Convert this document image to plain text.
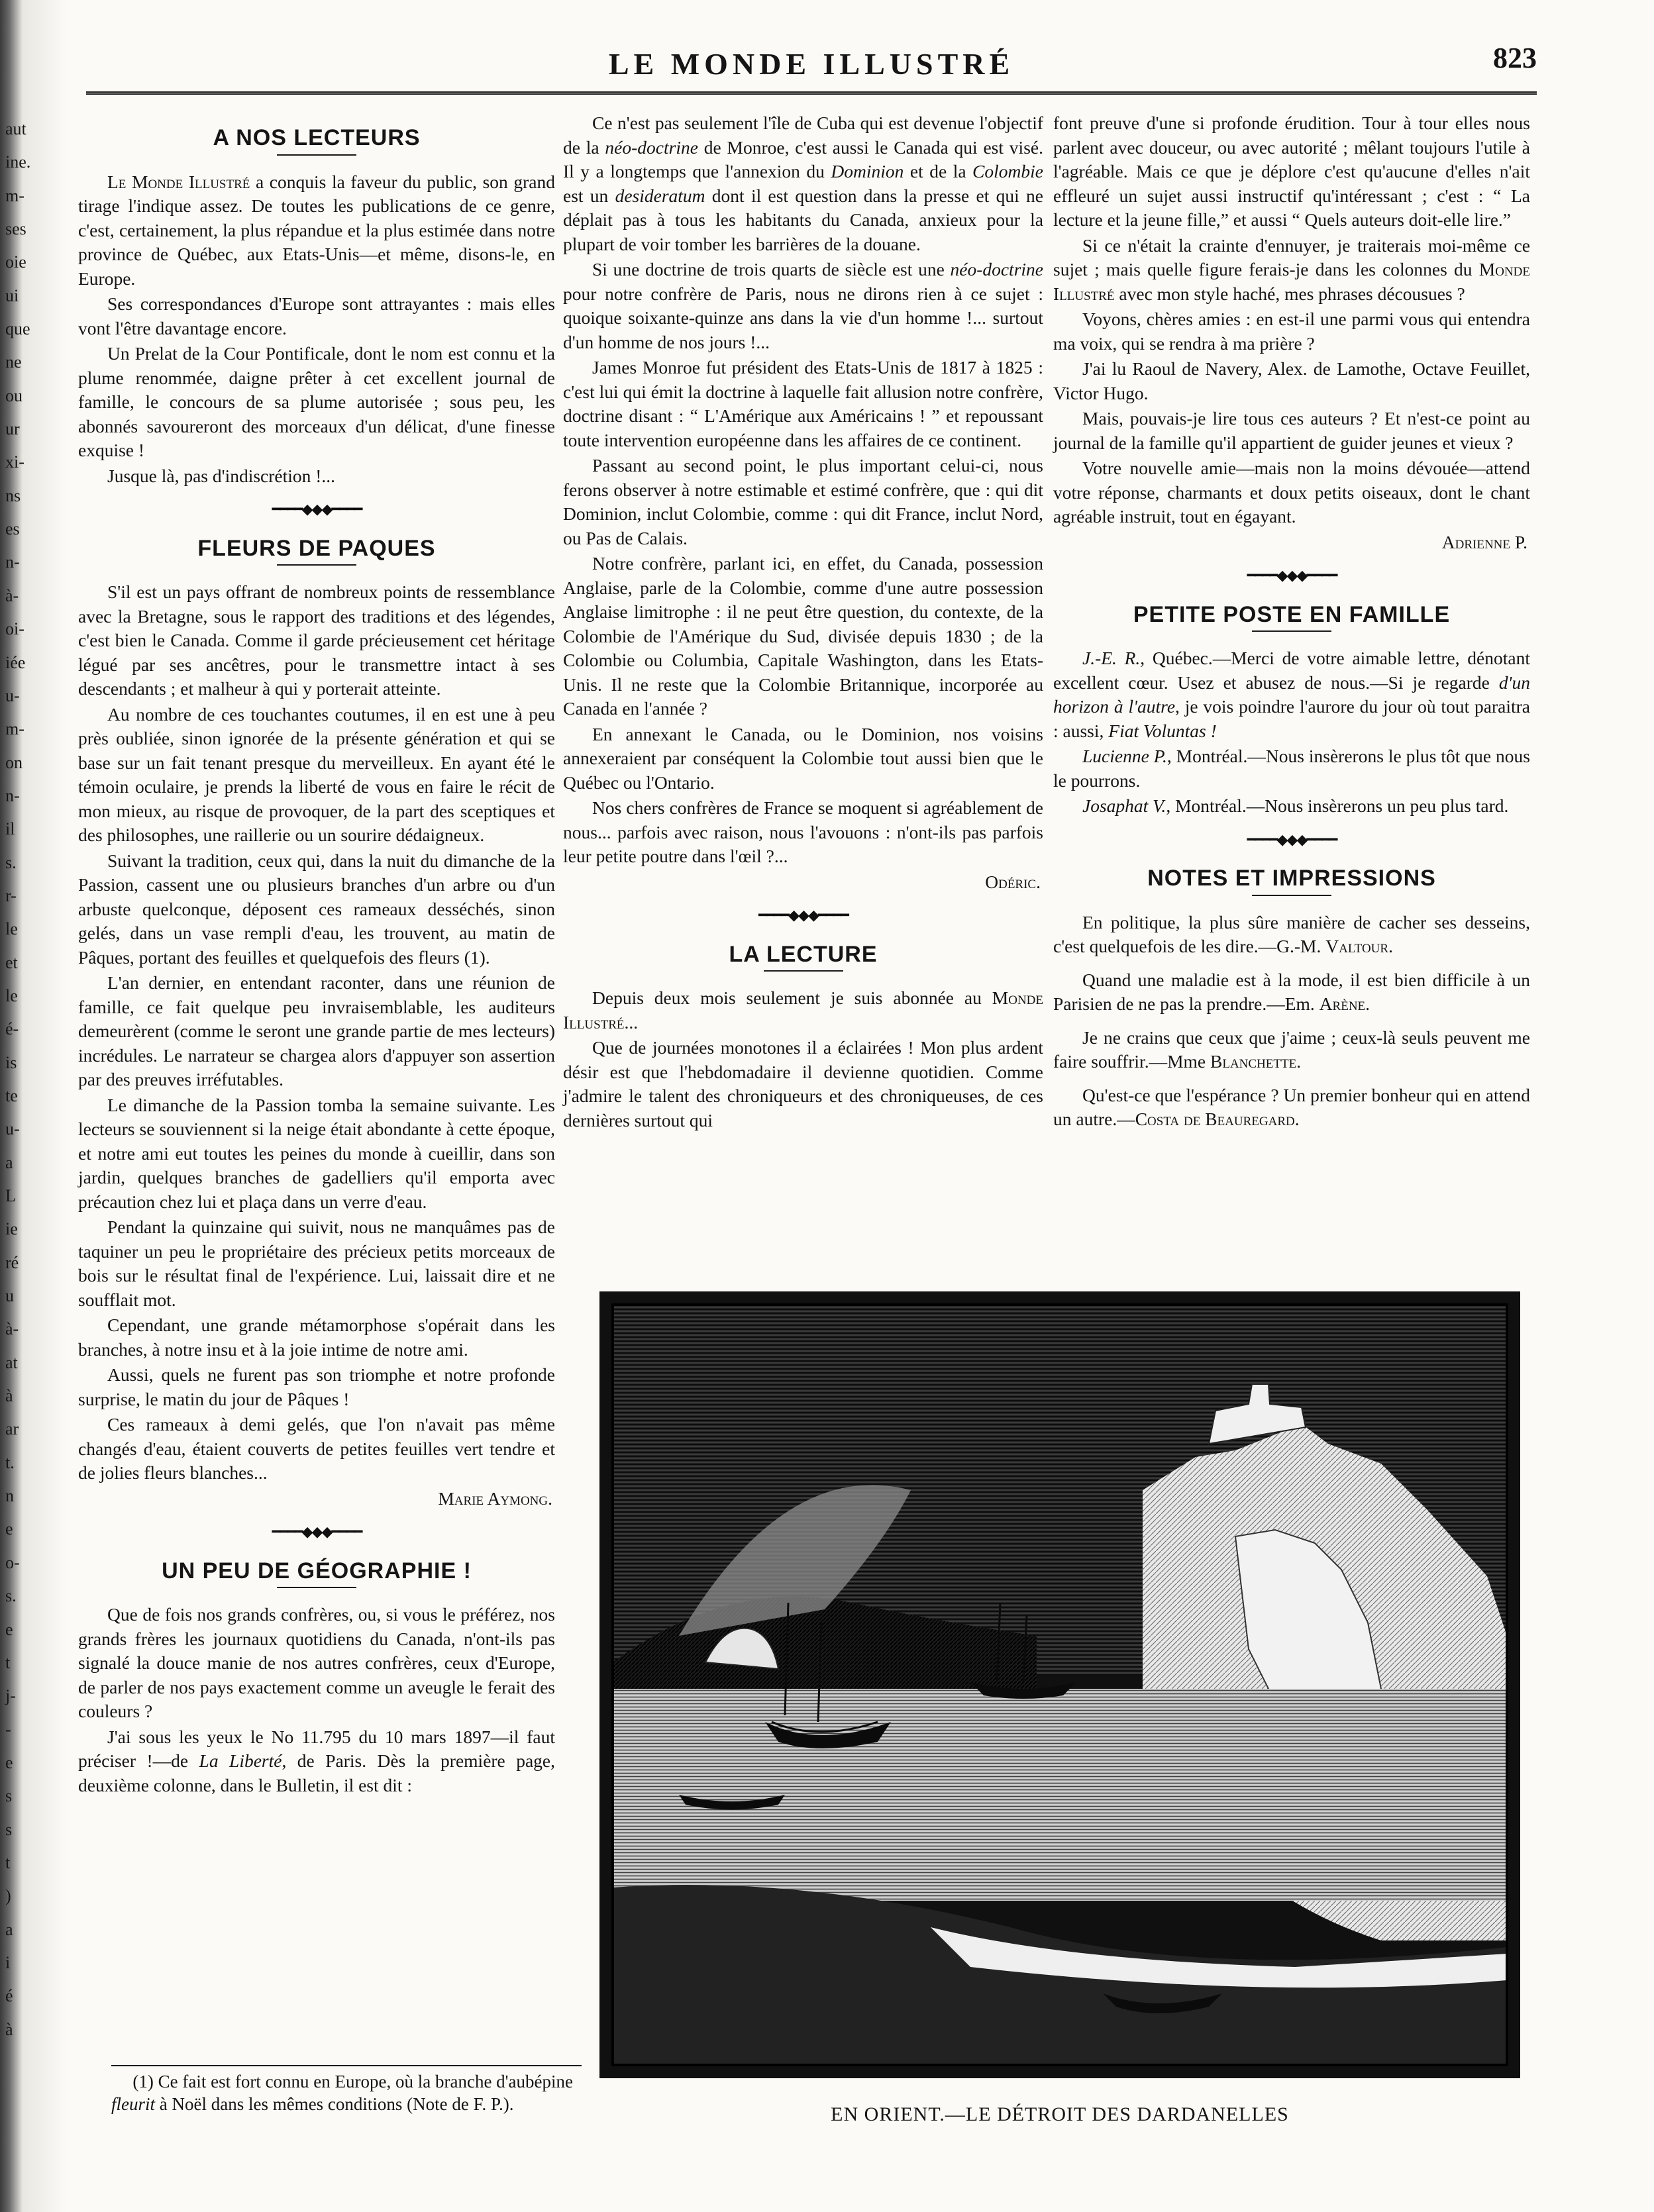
aut
ine.
m-
ses
oie
ui
que
ne
ou
ur
xi-
ns
es
n-
à-
oi-
iée
u-
m-
on
n-
il
s.
r-
le
et
le
é-
is
te
u-
a
L
ie
ré
u
à-
at
à
ar
t.
n
e
o-
s.
e
t
j-
-
e
s
s
t
)
a
i
é
à
LE MONDE ILLUSTRÉ	823
A NOS LECTEURS

Le Monde Illustré a conquis la faveur du public, son grand tirage l'indique assez. De toutes les publications de ce genre, c'est, certainement, la plus répandue et la plus estimée dans notre province de Québec, aux Etats-Unis—et même, disons-le, en Europe.

Ses correspondances d'Europe sont attrayantes : mais elles vont l'être davantage encore.

Un Prelat de la Cour Pontificale, dont le nom est connu et la plume renommée, daigne prêter à cet excellent journal de famille, le concours de sa plume autorisée ; sous peu, les abonnés savoureront des morceaux d'un délicat, d'une finesse exquise !

Jusque là, pas d'indiscrétion !...

━━━━◆◆◆━━━━
FLEURS DE PAQUES

S'il est un pays offrant de nombreux points de ressemblance avec la Bretagne, sous le rapport des traditions et des légendes, c'est bien le Canada. Comme il garde précieusement cet héritage légué par ses ancêtres, pour le transmettre intact à ses descendants ; et malheur à qui y porterait atteinte.

Au nombre de ces touchantes coutumes, il en est une à peu près oubliée, sinon ignorée de la présente génération et qui se base sur un fait tenant presque du merveilleux. En ayant été le témoin oculaire, je prends la liberté de vous en faire le récit de mon mieux, au risque de provoquer, de la part des sceptiques et des philosophes, une raillerie ou un sourire dédaigneux.

Suivant la tradition, ceux qui, dans la nuit du dimanche de la Passion, cassent une ou plusieurs branches d'un arbre ou d'un arbuste quelconque, déposent ces rameaux desséchés, sinon gelés, dans un vase rempli d'eau, les trouvent, au matin de Pâques, portant des feuilles et quelquefois des fleurs (1).

L'an dernier, en entendant raconter, dans une réunion de famille, ce fait quelque peu invraisemblable, les auditeurs demeurèrent (comme le seront une grande partie de mes lecteurs) incrédules. Le narrateur se chargea alors d'appuyer son assertion par des preuves irréfutables.

Le dimanche de la Passion tomba la semaine suivante. Les lecteurs se souviennent si la neige était abondante à cette époque, et notre ami eut toutes les peines du monde à cueillir, dans son jardin, quelques branches de gadelliers qu'il emporta avec précaution chez lui et plaça dans un verre d'eau.

Pendant la quinzaine qui suivit, nous ne manquâmes pas de taquiner un peu le propriétaire des précieux petits morceaux de bois sur le résultat final de l'expérience. Lui, laissait dire et ne soufflait mot.

Cependant, une grande métamorphose s'opérait dans les branches, à notre insu et à la joie intime de notre ami.

Aussi, quels ne furent pas son triomphe et notre profonde surprise, le matin du jour de Pâques !

Ces rameaux à demi gelés, que l'on n'avait pas même changés d'eau, étaient couverts de petites feuilles vert tendre et de jolies fleurs blanches...

Marie Aymong.
━━━━◆◆◆━━━━
UN PEU DE GÉOGRAPHIE !

Que de fois nos grands confrères, ou, si vous le préférez, nos grands frères les journaux quotidiens du Canada, n'ont-ils pas signalé la douce manie de nos autres confrères, ceux d'Europe, de parler de nos pays exactement comme un aveugle le ferait des couleurs ?

J'ai sous les yeux le No 11.795 du 10 mars 1897—il faut préciser !—de La Liberté, de Paris. Dès la première page, deuxième colonne, dans le Bulletin, il est dit :

(1) Ce fait est fort connu en Europe, où la branche d'aubépine fleurit à Noël dans les mêmes conditions (Note de F. P.).

Ce n'est pas seulement l'île de Cuba qui est devenue l'objectif de la néo-doctrine de Monroe, c'est aussi le Canada qui est visé. Il y a longtemps que l'annexion du Dominion et de la Colombie est un desideratum dont il est question dans la presse et qui ne déplait pas à tous les habitants du Canada, anxieux pour la plupart de voir tomber les barrières de la douane.

Si une doctrine de trois quarts de siècle est une néo-doctrine pour notre confrère de Paris, nous ne dirons rien à ce sujet : quoique soixante-quinze ans dans la vie d'un homme !... surtout d'un homme de nos jours !...

James Monroe fut président des Etats-Unis de 1817 à 1825 : c'est lui qui émit la doctrine à laquelle fait allusion notre confrère, doctrine disant : “ L'Amérique aux Américains ! ” et repoussant toute intervention européenne dans les affaires de ce continent.

Passant au second point, le plus important celui-ci, nous ferons observer à notre estimable et estimé confrère, que : qui dit Dominion, inclut Colombie, comme : qui dit France, inclut Nord, ou Pas de Calais.

Notre confrère, parlant ici, en effet, du Canada, possession Anglaise, parle de la Colombie, comme d'une autre possession Anglaise limitrophe : il ne peut être question, du contexte, de la Colombie de l'Amérique du Sud, divisée depuis 1830 ; de la Colombie ou Columbia, Capitale Washington, dans les Etats-Unis. Il ne reste que la Colombie Britannique, incorporée au Canada en l'année ?

En annexant le Canada, ou le Dominion, nos voisins annexeraient par conséquent la Colombie tout aussi bien que le Québec ou l'Ontario.

Nos chers confrères de France se moquent si agréablement de nous... parfois avec raison, nous l'avouons : n'ont-ils pas parfois leur petite poutre dans l'œil ?...

Odéric.
━━━━◆◆◆━━━━
LA LECTURE

Depuis deux mois seulement je suis abonnée au Monde Illustré...

Que de journées monotones il a éclairées ! Mon plus ardent désir est que l'hebdomadaire il devienne quotidien. Comme j'admire le talent des chroniqueurs et des chroniqueuses, de ces dernières surtout qui

font preuve d'une si profonde érudition. Tour à tour elles nous parlent avec douceur, ou avec autorité ; mêlant toujours l'utile à l'agréable. Mais ce que je déplore c'est qu'aucune d'elles n'ait effleuré un sujet aussi instructif qu'intéressant ; c'est : “ La lecture et la jeune fille,” et aussi “ Quels auteurs doit-elle lire.”

Si ce n'était la crainte d'ennuyer, je traiterais moi-même ce sujet ; mais quelle figure ferais-je dans les colonnes du Monde Illustré avec mon style haché, mes phrases décousues ?

Voyons, chères amies : en est-il une parmi vous qui entendra ma voix, qui se rendra à ma prière ?

J'ai lu Raoul de Navery, Alex. de Lamothe, Octave Feuillet, Victor Hugo.

Mais, pouvais-je lire tous ces auteurs ? Et n'est-ce point au journal de la famille qu'il appartient de guider jeunes et vieux ?

Votre nouvelle amie—mais non la moins dévouée—attend votre réponse, charmants et doux petits oiseaux, dont le chant agréable instruit, tout en égayant.

Adrienne P.
━━━━◆◆◆━━━━
PETITE POSTE EN FAMILLE

J.-E. R., Québec.—Merci de votre aimable lettre, dénotant excellent cœur. Usez et abusez de nous.—Si je regarde d'un horizon à l'autre, je vois poindre l'aurore du jour où tout paraitra : aussi, Fiat Voluntas !

Lucienne P., Montréal.—Nous insèrerons le plus tôt que nous le pourrons.

Josaphat V., Montréal.—Nous insèrerons un peu plus tard.

━━━━◆◆◆━━━━
NOTES ET IMPRESSIONS

En politique, la plus sûre manière de cacher ses desseins, c'est quelquefois de les dire.—G.-M. Valtour.

Quand une maladie est à la mode, il est bien difficile à un Parisien de ne pas la prendre.—Em. Arène.

Je ne crains que ceux que j'aime ; ceux-là seuls peuvent me faire souffrir.—Mme Blanchette.

Qu'est-ce que l'espérance ? Un premier bonheur qui en attend un autre.—Costa de Beauregard.

EN ORIENT.—LE DÉTROIT DES DARDANELLES
